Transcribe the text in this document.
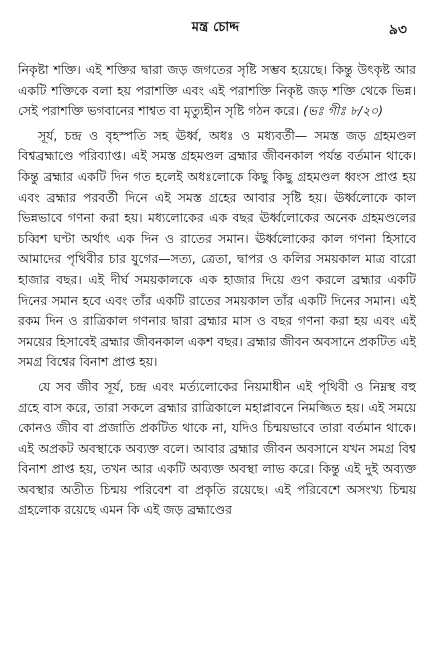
মন্ত্র চোদ্দ	৯৩

নিকৃষ্টা শক্তি। এই শক্তির দ্বারা জড় জগতের সৃষ্টি সম্ভব হয়েছে। কিন্তু উৎকৃষ্ট আর একটি শক্তিকে বলা হয় পরাশক্তি এবং এই পরাশক্তি নিকৃষ্ট জড় শক্তি থেকে ভিন্ন। সেই পরাশক্তি ভগবানের শাশ্বত বা মৃত্যুহীন সৃষ্টি গঠন করে। (ভঃ গীঃ ৮/২০)

সূর্য, চন্দ্র ও বৃহস্পতি সহ ঊর্ধ্ব, অধঃ ও মধ্যবর্তী— সমস্ত জড় গ্রহমণ্ডল বিশ্বব্রহ্মাণ্ডে পরিব্যাপ্ত। এই সমস্ত গ্রহমণ্ডল ব্রহ্মার জীবনকাল পর্যন্ত বর্তমান থাকে। কিন্তু ব্রহ্মার একটি দিন গত হলেই অধঃলোকে কিছু কিছু গ্রহমণ্ডল ধ্বংস প্রাপ্ত হয় এবং ব্রহ্মার পরবর্তী দিনে এই সমস্ত গ্রহের আবার সৃষ্টি হয়। ঊর্ধ্বলোকে কাল ভিন্নভাবে গণনা করা হয়। মধ্যলোকের এক বছর ঊর্ধ্বলোকের অনেক গ্রহমণ্ডলের চব্বিশ ঘণ্টা অর্থাৎ এক দিন ও রাতের সমান। ঊর্ধ্বলোকের কাল গণনা হিসাবে আমাদের পৃথিবীর চার যুগের—সত্য, ত্রেতা, দ্বাপর ও কলির সময়কাল মাত্র বারো হাজার বছর। এই দীর্ঘ সময়কালকে এক হাজার দিয়ে গুণ করলে ব্রহ্মার একটি দিনের সমান হবে এবং তাঁর একটি রাতের সময়কাল তাঁর একটি দিনের সমান। এই রকম দিন ও রাত্রিকাল গণনার দ্বারা ব্রহ্মার মাস ও বছর গণনা করা হয় এবং এই সময়ের হিসাবেই ব্রহ্মার জীবনকাল একশ বছর। ব্রহ্মার জীবন অবসানে প্রকটিত এই সমগ্র বিশ্বের বিনাশ প্রাপ্ত হয়।

যে সব জীব সূর্য, চন্দ্র এবং মর্ত্যলোকের নিয়মাধীন এই পৃথিবী ও নিম্নস্থ বহু গ্রহে বাস করে, তারা সকলে ব্রহ্মার রাত্রিকালে মহাপ্লাবনে নিমজ্জিত হয়। এই সময়ে কোনও জীব বা প্রজাতি প্রকটিত থাকে না, যদিও চিন্ময়ভাবে তারা বর্তমান থাকে। এই অপ্রকট অবস্থাকে অব্যক্ত বলে। আবার ব্রহ্মার জীবন অবসানে যখন সমগ্র বিশ্ব বিনাশ প্রাপ্ত হয়, তখন আর একটি অব্যক্ত অবস্থা লাভ করে। কিন্তু এই দুই অব্যক্ত অবস্থার অতীত চিন্ময় পরিবেশ বা প্রকৃতি রয়েছে। এই পরিবেশে অসংখ্য চিন্ময় গ্রহলোক রয়েছে এমন কি এই জড় ব্রহ্মাণ্ডের
